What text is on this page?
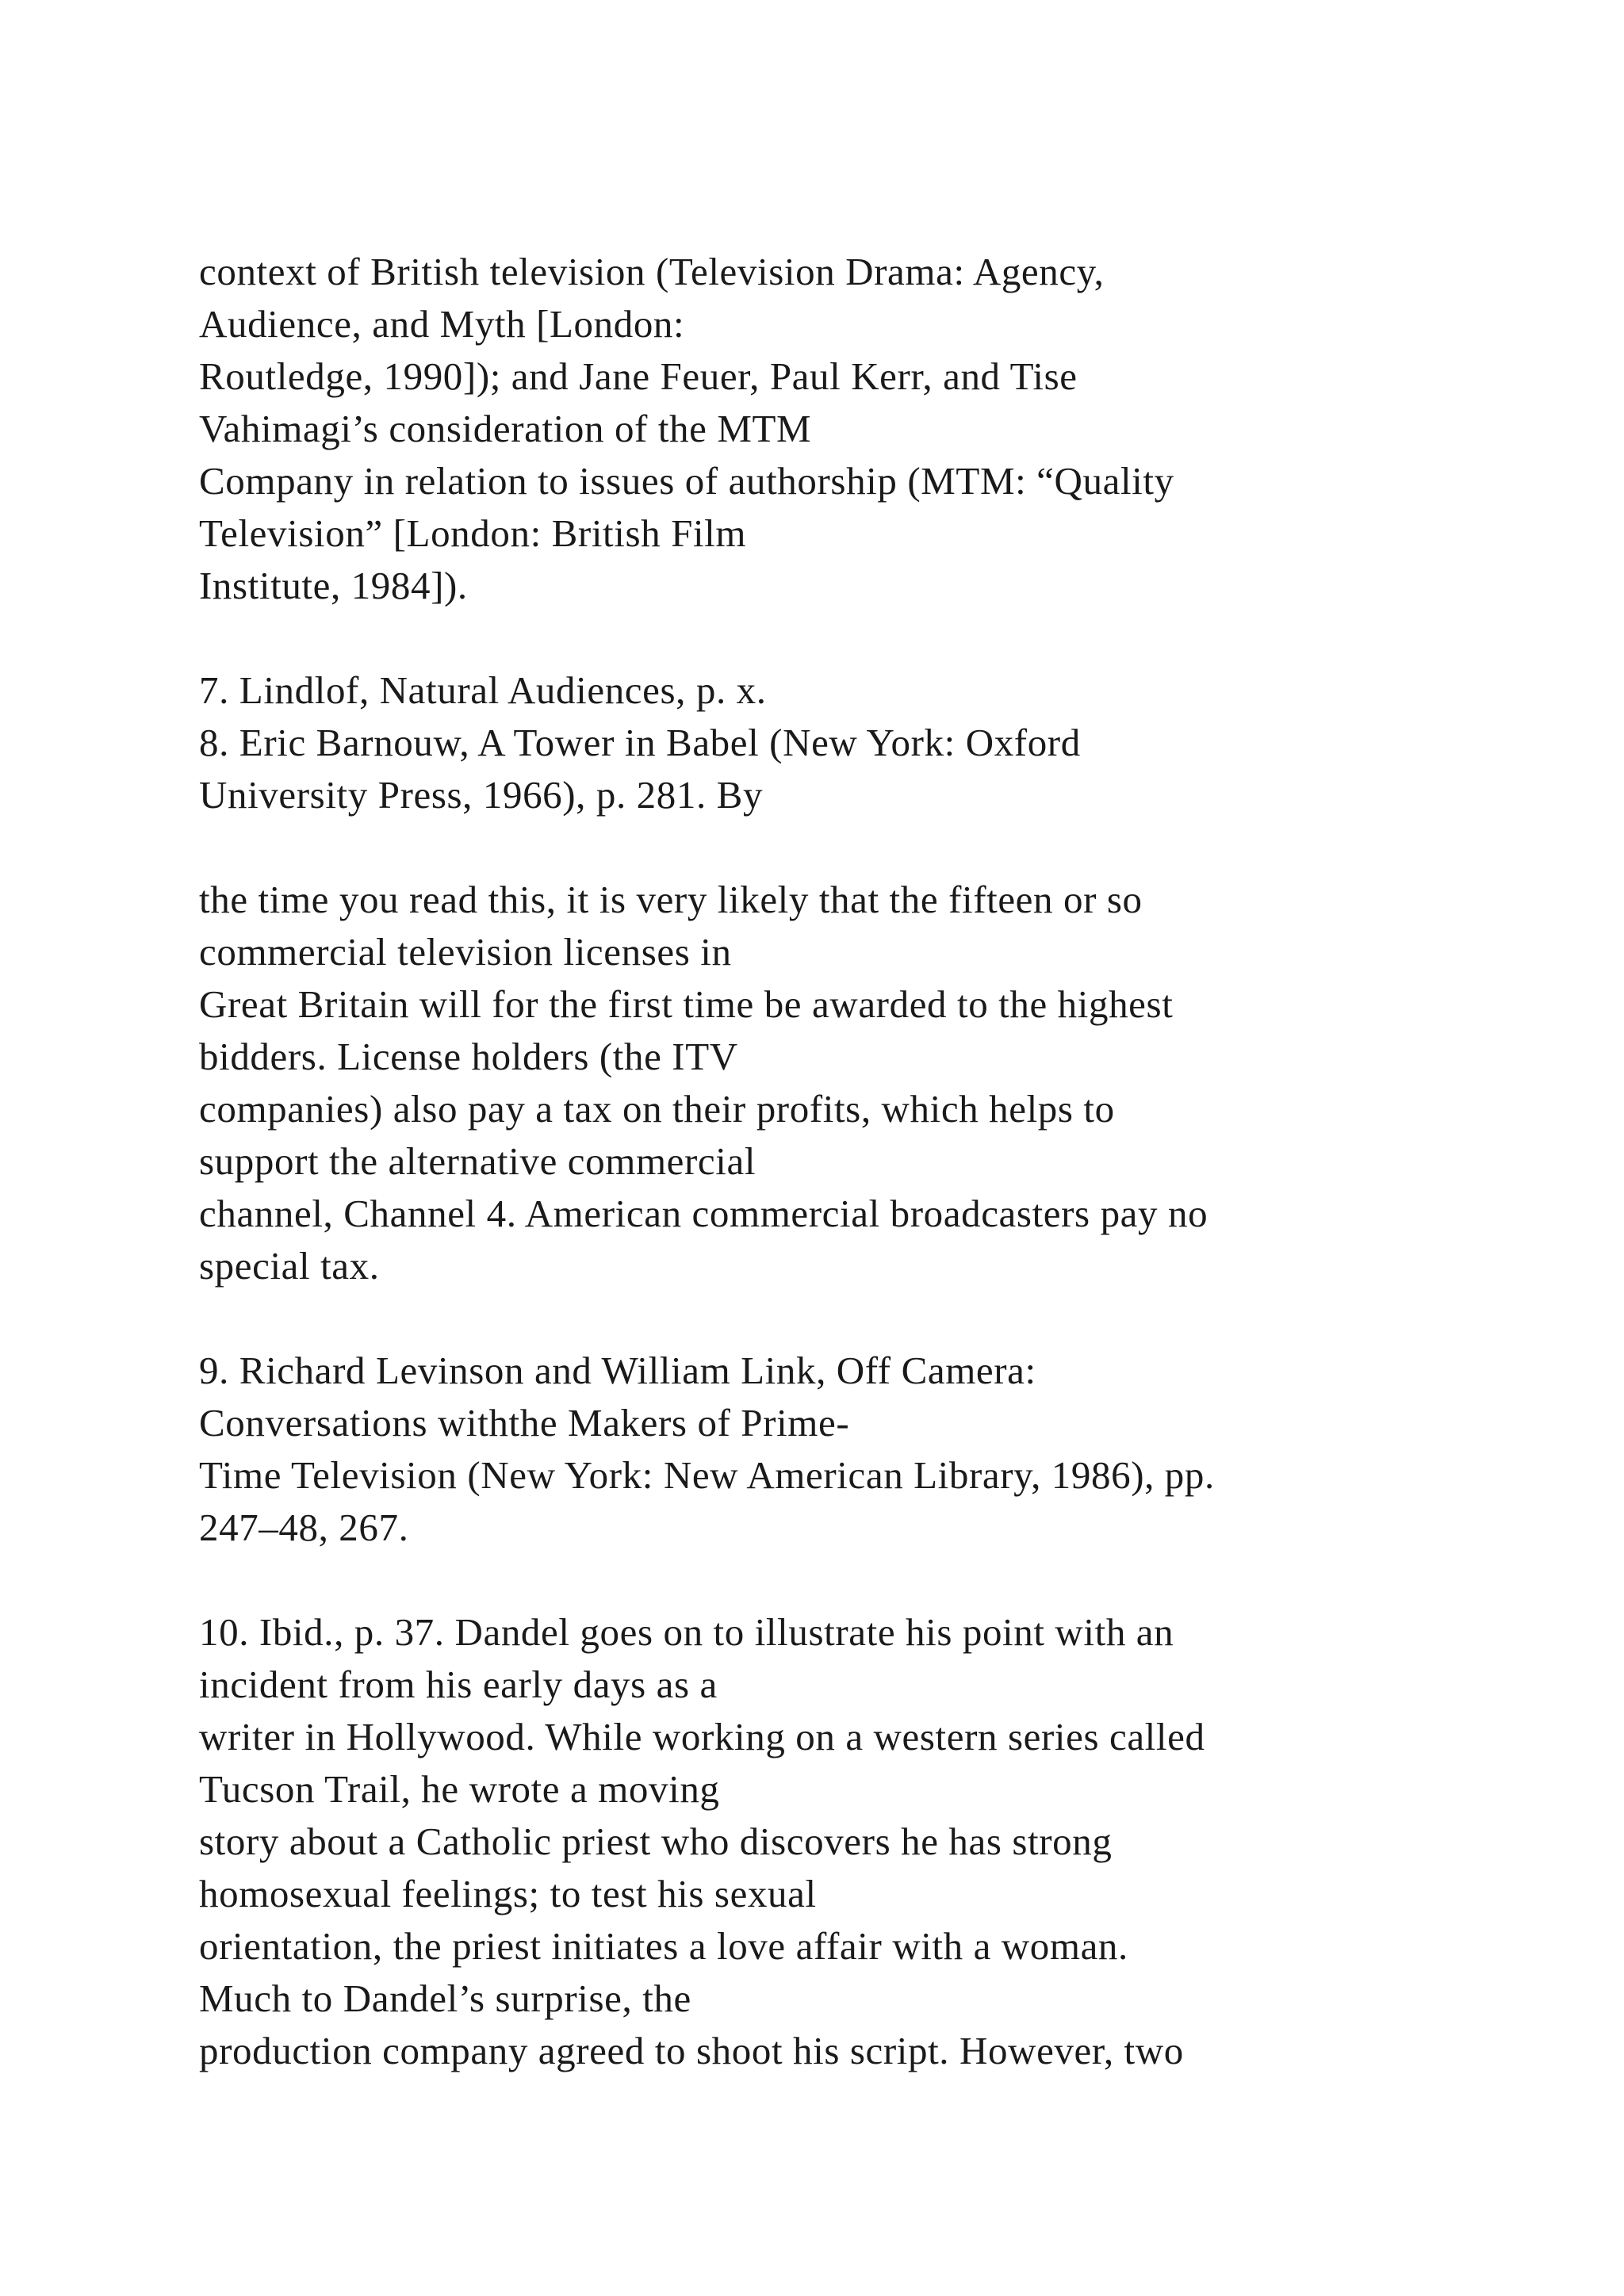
context of British television (Television Drama: Agency,
Audience, and Myth [London:
Routledge, 1990]); and Jane Feuer, Paul Kerr, and Tise
Vahimagi’s consideration of the MTM
Company in relation to issues of authorship (MTM: “Quality
Television” [London: British Film
Institute, 1984]).
7. Lindlof, Natural Audiences, p. x.
8. Eric Barnouw, A Tower in Babel (New York: Oxford
University Press, 1966), p. 281. By
the time you read this, it is very likely that the fifteen or so
commercial television licenses in
Great Britain will for the first time be awarded to the highest
bidders. License holders (the ITV
companies) also pay a tax on their profits, which helps to
support the alternative commercial
channel, Channel 4. American commercial broadcasters pay no
special tax.
9. Richard Levinson and William Link, Off Camera:
Conversations withthe Makers of Prime-
Time Television (New York: New American Library, 1986), pp.
247–48, 267.
10. Ibid., p. 37. Dandel goes on to illustrate his point with an
incident from his early days as a
writer in Hollywood. While working on a western series called
Tucson Trail, he wrote a moving
story about a Catholic priest who discovers he has strong
homosexual feelings; to test his sexual
orientation, the priest initiates a love affair with a woman.
Much to Dandel’s surprise, the
production company agreed to shoot his script. However, two
